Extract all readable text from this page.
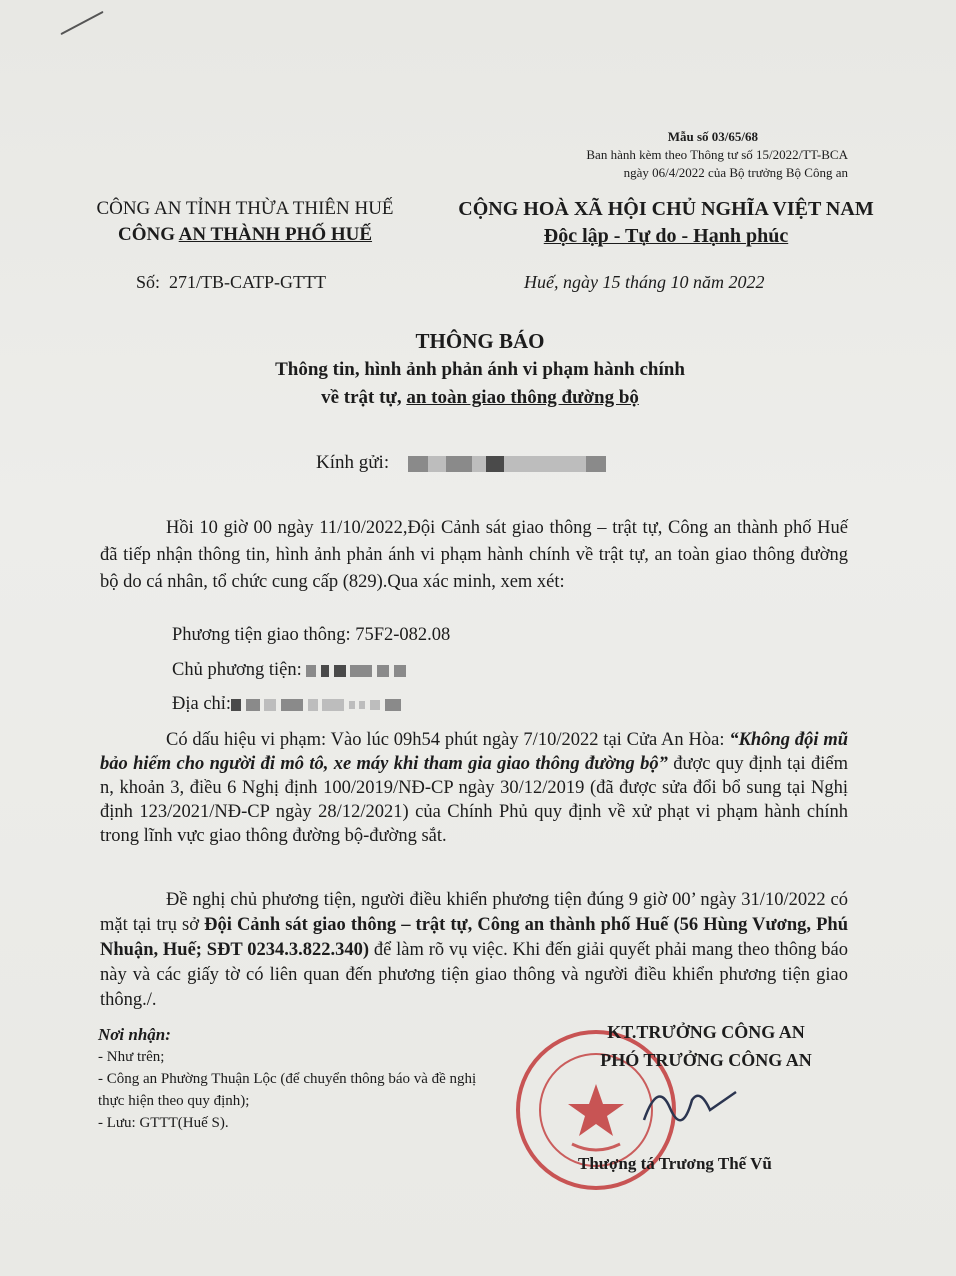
Mẫu số 03/65/68
Ban hành kèm theo Thông tư số 15/2022/TT-BCA
ngày 06/4/2022 của Bộ trưởng Bộ Công an
CÔNG AN TỈNH THỪA THIÊN HUẾ
CÔNG AN THÀNH PHỐ HUẾ
CỘNG HOÀ XÃ HỘI CHỦ NGHĨA VIỆT NAM
Độc lập - Tự do - Hạnh phúc
Số: 271/TB-CATP-GTTT	Huế, ngày 15 tháng 10 năm 2022
THÔNG BÁO
Thông tin, hình ảnh phản ánh vi phạm hành chính
về trật tự, an toàn giao thông đường bộ
Kính gửi:
Hồi 10 giờ 00 ngày 11/10/2022,Đội Cảnh sát giao thông – trật tự, Công an thành phố Huế đã tiếp nhận thông tin, hình ảnh phản ánh vi phạm hành chính về trật tự, an toàn giao thông đường bộ do cá nhân, tổ chức cung cấp (829).Qua xác minh, xem xét:
Phương tiện giao thông: 75F2-082.08
Chủ phương tiện:
Địa chỉ:
Có dấu hiệu vi phạm: Vào lúc 09h54 phút ngày 7/10/2022 tại Cửa An Hòa: “Không đội mũ bảo hiểm cho người đi mô tô, xe máy khi tham gia giao thông đường bộ” được quy định tại điểm n, khoản 3, điều 6 Nghị định 100/2019/NĐ-CP ngày 30/12/2019 (đã được sửa đổi bổ sung tại Nghị định 123/2021/NĐ-CP ngày 28/12/2021) của Chính Phủ quy định về xử phạt vi phạm hành chính trong lĩnh vực giao thông đường bộ-đường sắt.
Đề nghị chủ phương tiện, người điều khiển phương tiện đúng 9 giờ 00’ ngày 31/10/2022 có mặt tại trụ sở Đội Cảnh sát giao thông – trật tự, Công an thành phố Huế (56 Hùng Vương, Phú Nhuận, Huế; SĐT 0234.3.822.340) để làm rõ vụ việc. Khi đến giải quyết phải mang theo thông báo này và các giấy tờ có liên quan đến phương tiện giao thông và người điều khiển phương tiện giao thông./.
Nơi nhận:
- Như trên;
- Công an Phường Thuận Lộc (để chuyển thông báo và đề nghị thực hiện theo quy định);
- Lưu: GTTT(Huế S).
KT.TRƯỞNG CÔNG AN
PHÓ TRƯỞNG CÔNG AN
Thượng tá Trương Thế Vũ
